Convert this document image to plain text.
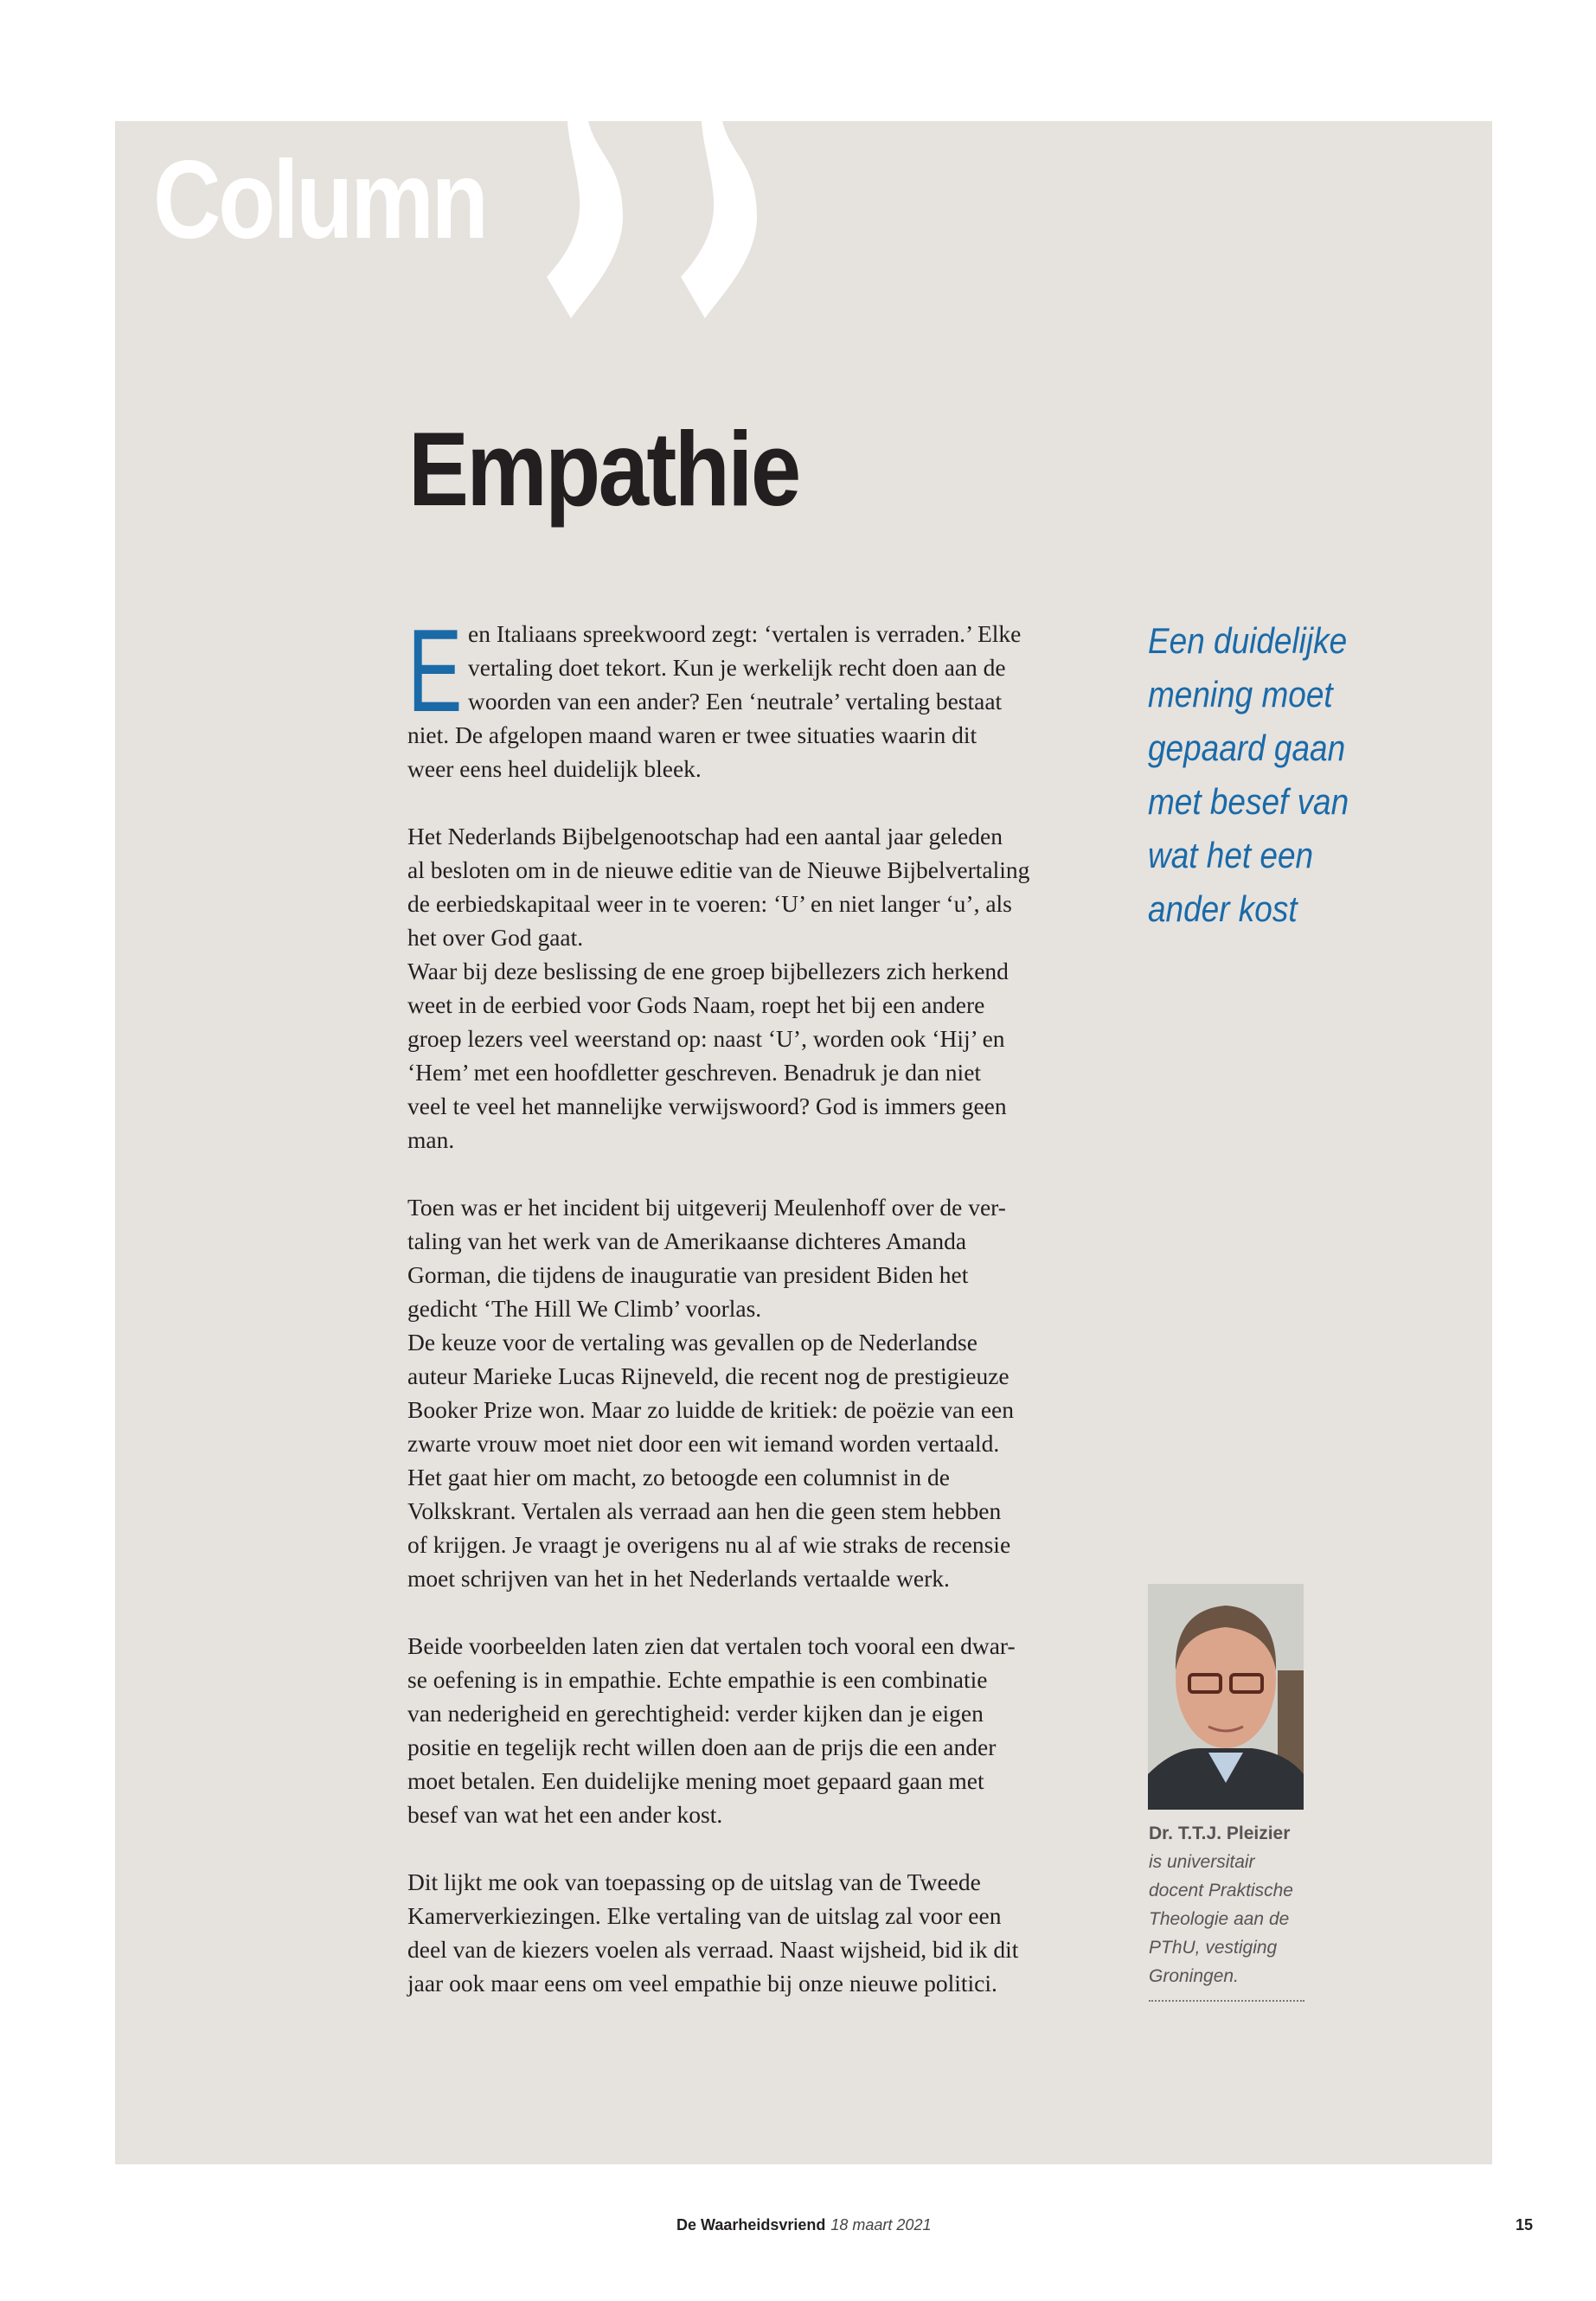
Column
Empathie
E en Italiaans spreekwoord zegt: ‘vertalen is verraden.’ Elke
vertaling doet tekort. Kun je werkelijk recht doen aan de
woorden van een ander? Een ‘neutrale’ vertaling bestaat
niet. De afgelopen maand waren er twee situaties waarin dit
weer eens heel duidelijk bleek.
Het Nederlands Bijbelgenootschap had een aantal jaar geleden
al besloten om in de nieuwe editie van de Nieuwe Bijbelvertaling
de eerbiedskapitaal weer in te voeren: ‘U’ en niet langer ‘u’, als
het over God gaat.
Waar bij deze beslissing de ene groep bijbellezers zich herkend
weet in de eerbied voor Gods Naam, roept het bij een andere
groep lezers veel weerstand op: naast ‘U’, worden ook ‘Hij’ en
‘Hem’ met een hoofdletter geschreven. Benadruk je dan niet
veel te veel het mannelijke verwijswoord? God is immers geen
man.
Toen was er het incident bij uitgeverij Meulenhoff over de ver-
taling van het werk van de Amerikaanse dichteres Amanda
Gorman, die tijdens de inauguratie van president Biden het
gedicht ‘The Hill We Climb’ voorlas.
De keuze voor de vertaling was gevallen op de Nederlandse
auteur Marieke Lucas Rijneveld, die recent nog de prestigieuze
Booker Prize won. Maar zo luidde de kritiek: de poëzie van een
zwarte vrouw moet niet door een wit iemand worden vertaald.
Het gaat hier om macht, zo betoogde een columnist in de
Volkskrant. Vertalen als verraad aan hen die geen stem hebben
of krijgen. Je vraagt je overigens nu al af wie straks de recensie
moet schrijven van het in het Nederlands vertaalde werk.
Beide voorbeelden laten zien dat vertalen toch vooral een dwar-
se oefening is in empathie. Echte empathie is een combinatie
van nederigheid en gerechtigheid: verder kijken dan je eigen
positie en tegelijk recht willen doen aan de prijs die een ander
moet betalen. Een duidelijke mening moet gepaard gaan met
besef van wat het een ander kost.
Dit lijkt me ook van toepassing op de uitslag van de Tweede
Kamerverkiezingen. Elke vertaling van de uitslag zal voor een
deel van de kiezers voelen als verraad. Naast wijsheid, bid ik dit
jaar ook maar eens om veel empathie bij onze nieuwe politici.
Een duidelijke
mening moet
gepaard gaan
met besef van
wat het een
ander kost
Dr. T.T.J. Pleizier
is universitair
docent Praktische
Theologie aan de
PThU, vestiging
Groningen.
De Waarheidsvriend 18 maart 2021	15
